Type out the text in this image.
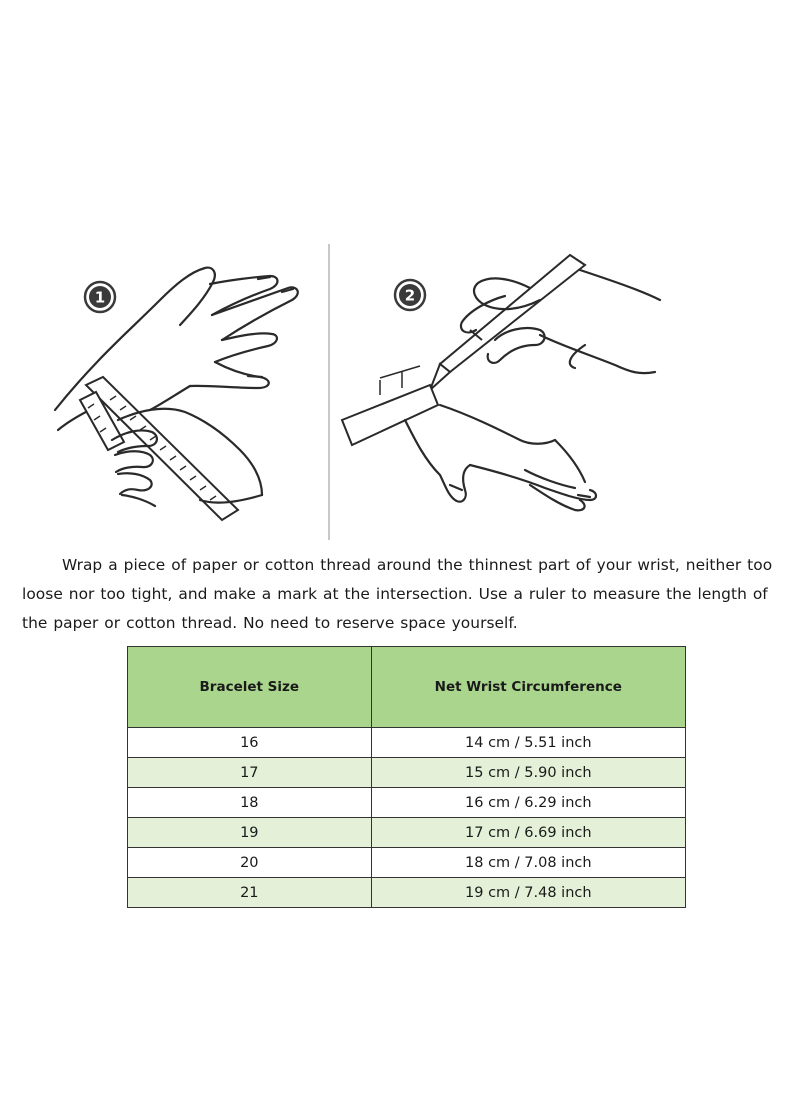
1	2

Wrap a piece of paper or cotton thread around the thinnest part of your wrist, neither too loose nor too tight, and make a mark at the intersection. Use a ruler to measure the length of the paper or cotton thread. No need to reserve space yourself.

Bracelet Size	Net Wrist Circumference
16	14 cm / 5.51 inch
17	15 cm / 5.90 inch
18	16 cm / 6.29 inch
19	17 cm / 6.69 inch
20	18 cm / 7.08 inch
21	19 cm / 7.48 inch
